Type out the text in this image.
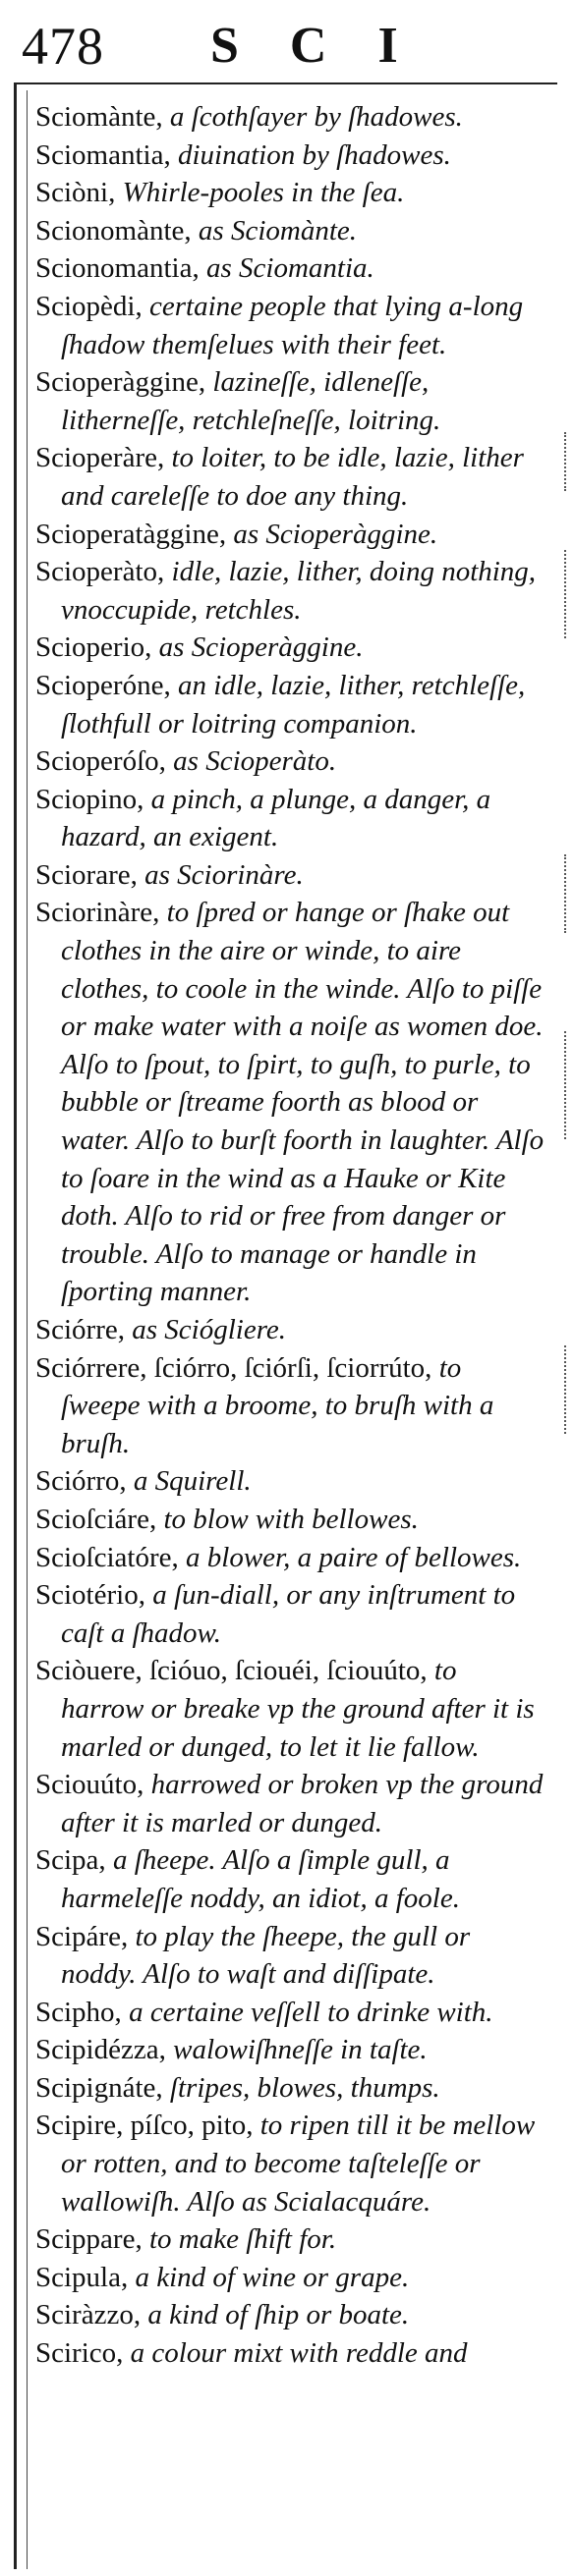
478 SCI

Sciomànte, a ſcothſayer by ſhadowes.

Sciomantia, diuination by ſhadowes.

Sciòni, Whirle-pooles in the ſea.

Scionomànte, as Sciomànte.

Scionomantia, as Sciomantia.

Sciopèdi, certaine people that lying a-long ſhadow themſelues with their feet.

Scioperàggine, lazineſſe, idleneſſe, litherneſſe, retchleſneſſe, loitring.

Scioperàre, to loiter, to be idle, lazie, lither and careleſſe to doe any thing.

Scioperatàggine, as Scioperàggine.

Scioperàto, idle, lazie, lither, doing nothing, vnoccupide, retchles.

Scioperio, as Scioperàggine.

Scioperóne, an idle, lazie, lither, retchleſſe, ſlothfull or loitring companion.

Scioperóſo, as Scioperàto.

Sciopino, a pinch, a plunge, a danger, a hazard, an exigent.

Sciorare, as Sciorinàre.

Sciorinàre, to ſpred or hange or ſhake out clothes in the aire or winde, to aire clothes, to coole in the winde. Alſo to piſſe or make water with a noiſe as women doe. Alſo to ſpout, to ſpirt, to guſh, to purle, to bubble or ſtreame foorth as blood or water. Alſo to burſt foorth in laughter. Alſo to ſoare in the wind as a Hauke or Kite doth. Alſo to rid or free from danger or trouble. Alſo to manage or handle in ſporting manner.

Sciórre, as Sciógliere.

Sciórrere, ſciórro, ſciórſi, ſciorrúto, to ſweepe with a broome, to bruſh with a bruſh.

Sciórro, a Squirell.

Scioſciáre, to blow with bellowes.

Scioſciatóre, a blower, a paire of bellowes.

Sciotério, a ſun-diall, or any inſtrument to caſt a ſhadow.

Sciòuere, ſcióuo, ſciouéi, ſciouúto, to harrow or breake vp the ground after it is marled or dunged, to let it lie fallow.

Sciouúto, harrowed or broken vp the ground after it is marled or dunged.

Scipa, a ſheepe. Alſo a ſimple gull, a harmeleſſe noddy, an idiot, a foole.

Scipáre, to play the ſheepe, the gull or noddy. Alſo to waſt and diſſipate.

Scipho, a certaine veſſell to drinke with.

Scipidézza, walowiſhneſſe in taſte.

Scipignáte, ſtripes, blowes, thumps.

Scipire, píſco, pito, to ripen till it be mellow or rotten, and to become taſteleſſe or wallowiſh. Alſo as Scialacquáre.

Scippare, to make ſhift for.

Scipula, a kind of wine or grape.

Sciràzzo, a kind of ſhip or boate.

Scirico, a colour mixt with reddle and
